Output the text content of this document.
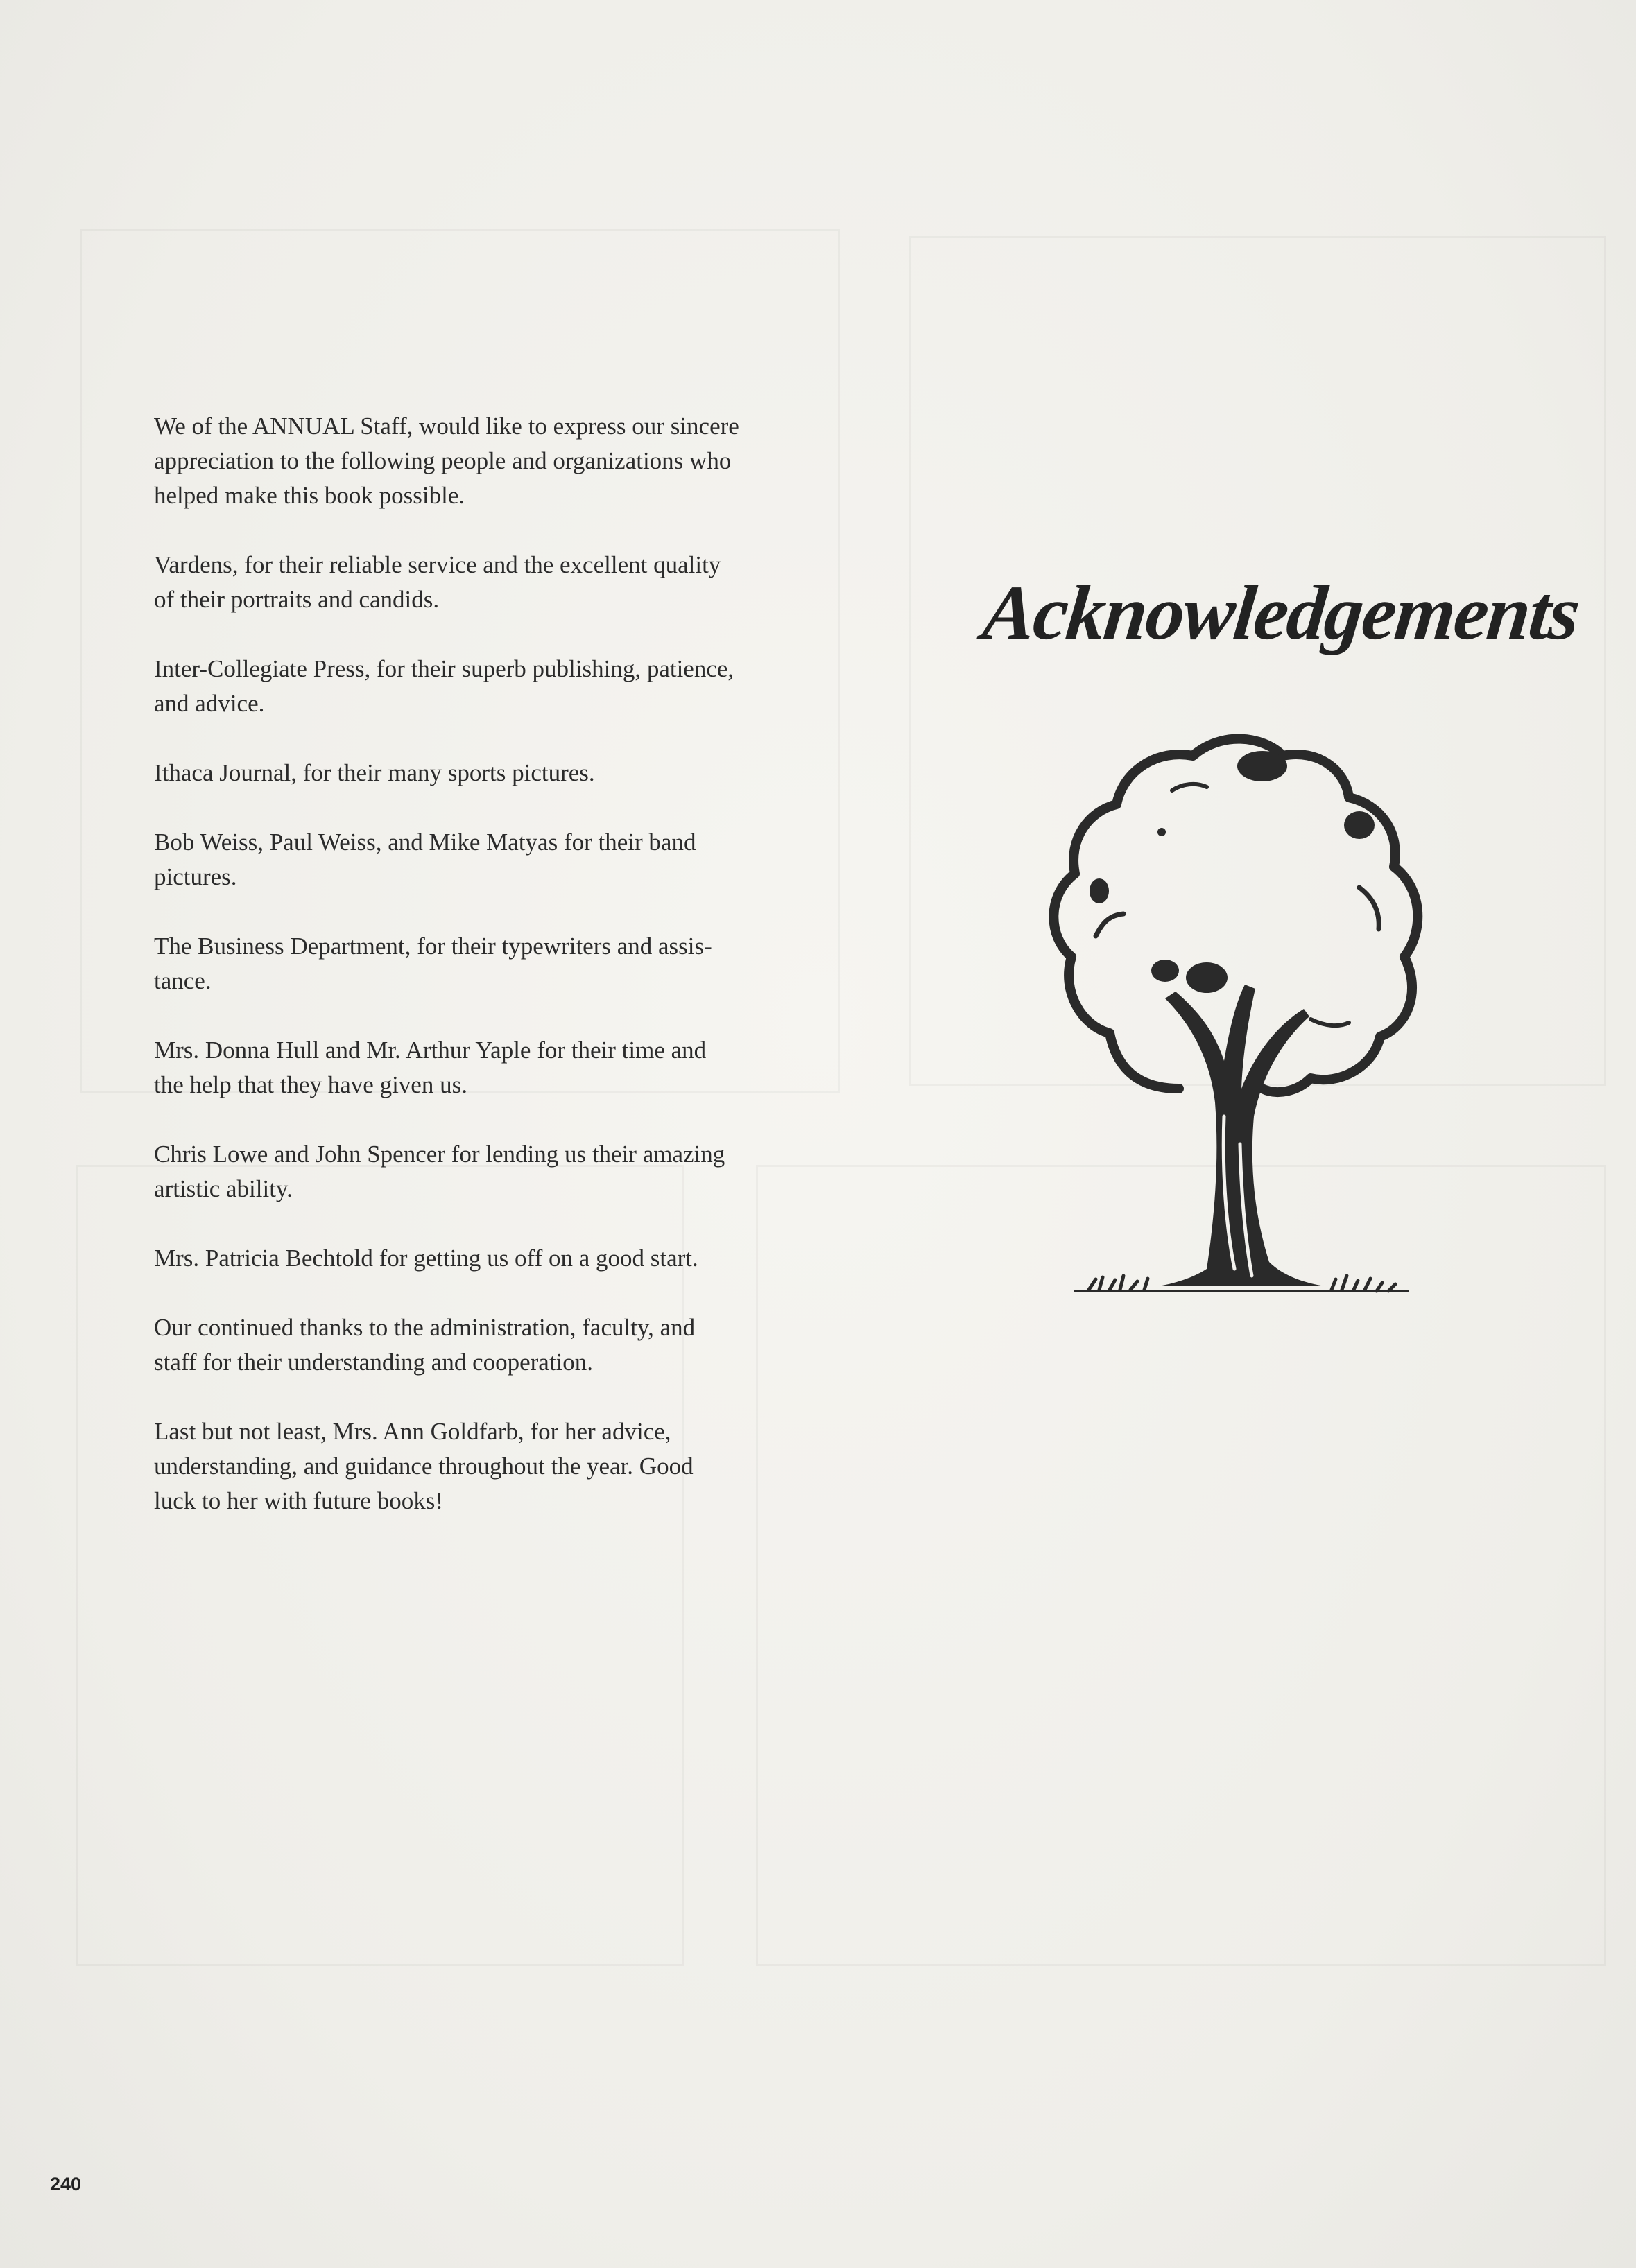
We of the ANNUAL Staff, would like to express our sincere
appreciation to the following people and organizations who
helped make this book possible.

Vardens, for their reliable service and the excellent quality
of their portraits and candids.

Inter-Collegiate Press, for their superb publishing, patience,
and advice.

Ithaca Journal, for their many sports pictures.

Bob Weiss, Paul Weiss, and Mike Matyas for their band
pictures.

The Business Department, for their typewriters and assis-
tance.

Mrs. Donna Hull and Mr. Arthur Yaple for their time and
the help that they have given us.

Chris Lowe and John Spencer for lending us their amazing
artistic ability.

Mrs. Patricia Bechtold for getting us off on a good start.

Our continued thanks to the administration, faculty, and
staff for their understanding and cooperation.

Last but not least, Mrs. Ann Goldfarb, for her advice,
understanding, and guidance throughout the year. Good
luck to her with future books!

Acknowledgements
240
